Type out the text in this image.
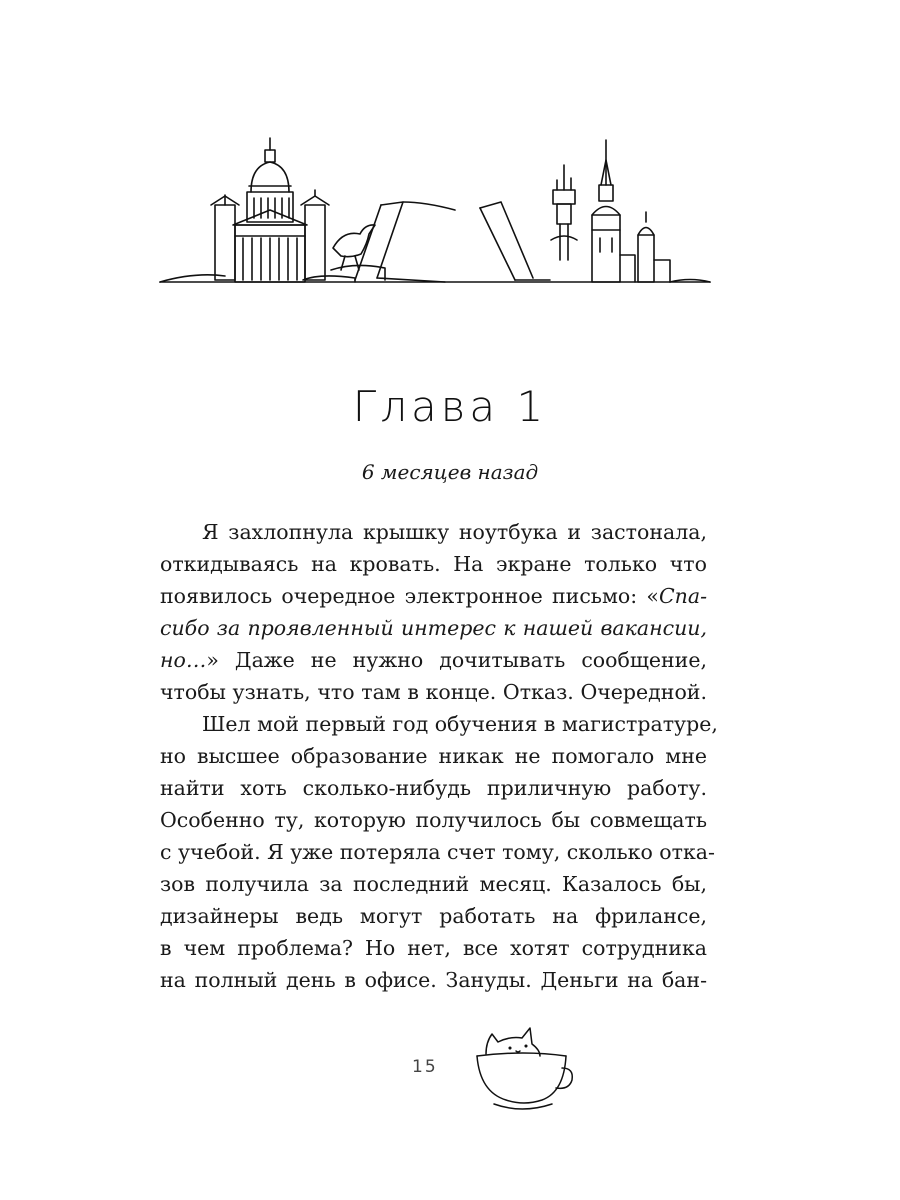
Глава 1
6 месяцев назад
Я захлопнула крышку ноутбука и застонала,
откидываясь на кровать. На экране только что
появилось очередное электронное письмо: «Спа-
сибо за проявленный интерес к нашей вакансии,
но…» Даже не нужно дочитывать сообщение,
чтобы узнать, что там в конце. Отказ. Очередной.
Шел мой первый год обучения в магистратуре,
но высшее образование никак не помогало мне
найти хоть сколько-нибудь приличную работу.
Особенно ту, которую получилось бы совмещать
с учебой. Я уже потеряла счет тому, сколько отка-
зов получила за последний месяц. Казалось бы,
дизайнеры ведь могут работать на фрилансе,
в чем проблема? Но нет, все хотят сотрудника
на полный день в офисе. Зануды. Деньги на бан-
15
